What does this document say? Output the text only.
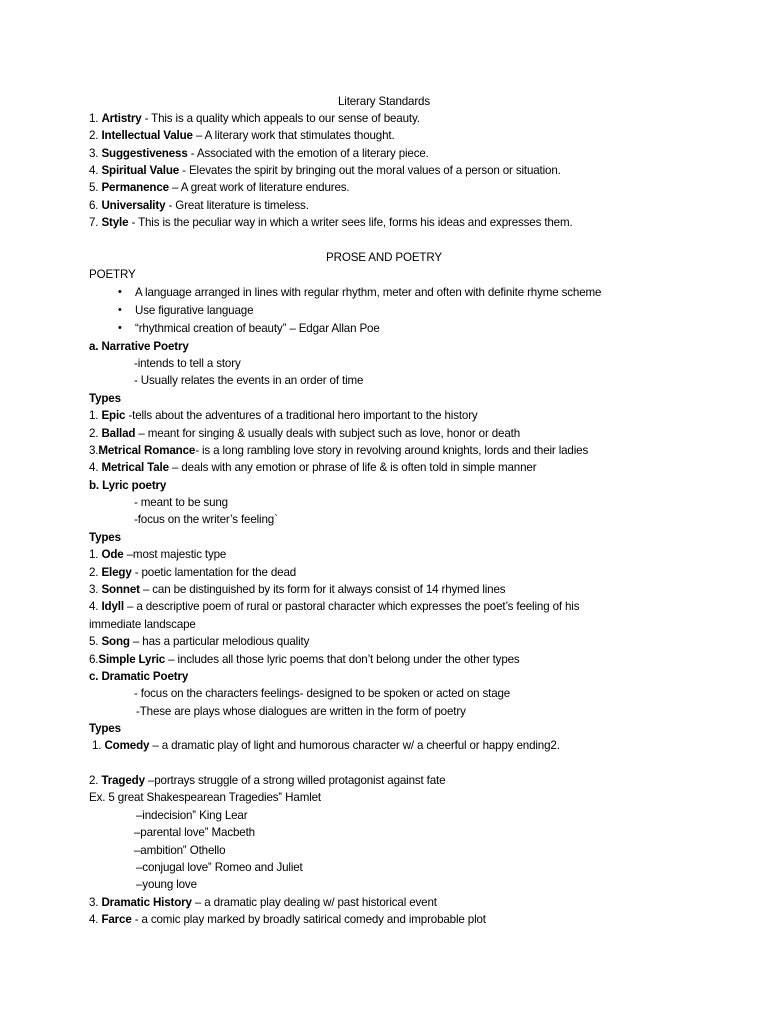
Literary Standards
1. Artistry - This is a quality which appeals to our sense of beauty.
2. Intellectual Value – A literary work that stimulates thought.
3. Suggestiveness - Associated with the emotion of a literary piece.
4. Spiritual Value - Elevates the spirit by bringing out the moral values of a person or situation.
5. Permanence – A great work of literature endures.
6. Universality - Great literature is timeless.
7. Style - This is the peculiar way in which a writer sees life, forms his ideas and expresses them.
PROSE AND POETRY
POETRY
• A language arranged in lines with regular rhythm, meter and often with definite rhyme scheme
• Use figurative language
• “rhythmical creation of beauty” – Edgar Allan Poe
a. Narrative Poetry
-intends to tell a story
- Usually relates the events in an order of time
Types
1. Epic -tells about the adventures of a traditional hero important to the history
2. Ballad – meant for singing & usually deals with subject such as love, honor or death
3.Metrical Romance- is a long rambling love story in revolving around knights, lords and their ladies
4. Metrical Tale – deals with any emotion or phrase of life & is often told in simple manner
b. Lyric poetry
- meant to be sung
-focus on the writer’s feeling`
Types
1. Ode –most majestic type
2. Elegy - poetic lamentation for the dead
3. Sonnet – can be distinguished by its form for it always consist of 14 rhymed lines
4. Idyll – a descriptive poem of rural or pastoral character which expresses the poet’s feeling of his
immediate landscape
5. Song – has a particular melodious quality
6.Simple Lyric – includes all those lyric poems that don’t belong under the other types
c. Dramatic Poetry
- focus on the characters feelings- designed to be spoken or acted on stage
-These are plays whose dialogues are written in the form of poetry
Types
1. Comedy – a dramatic play of light and humorous character w/ a cheerful or happy ending2.
2. Tragedy –portrays struggle of a strong willed protagonist against fate
Ex. 5 great Shakespearean Tragedies‟ Hamlet
–indecision‟ King Lear
–parental love‟ Macbeth
–ambition‟ Othello
–conjugal love‟ Romeo and Juliet
–young love
3. Dramatic History – a dramatic play dealing w/ past historical event
4. Farce - a comic play marked by broadly satirical comedy and improbable plot
